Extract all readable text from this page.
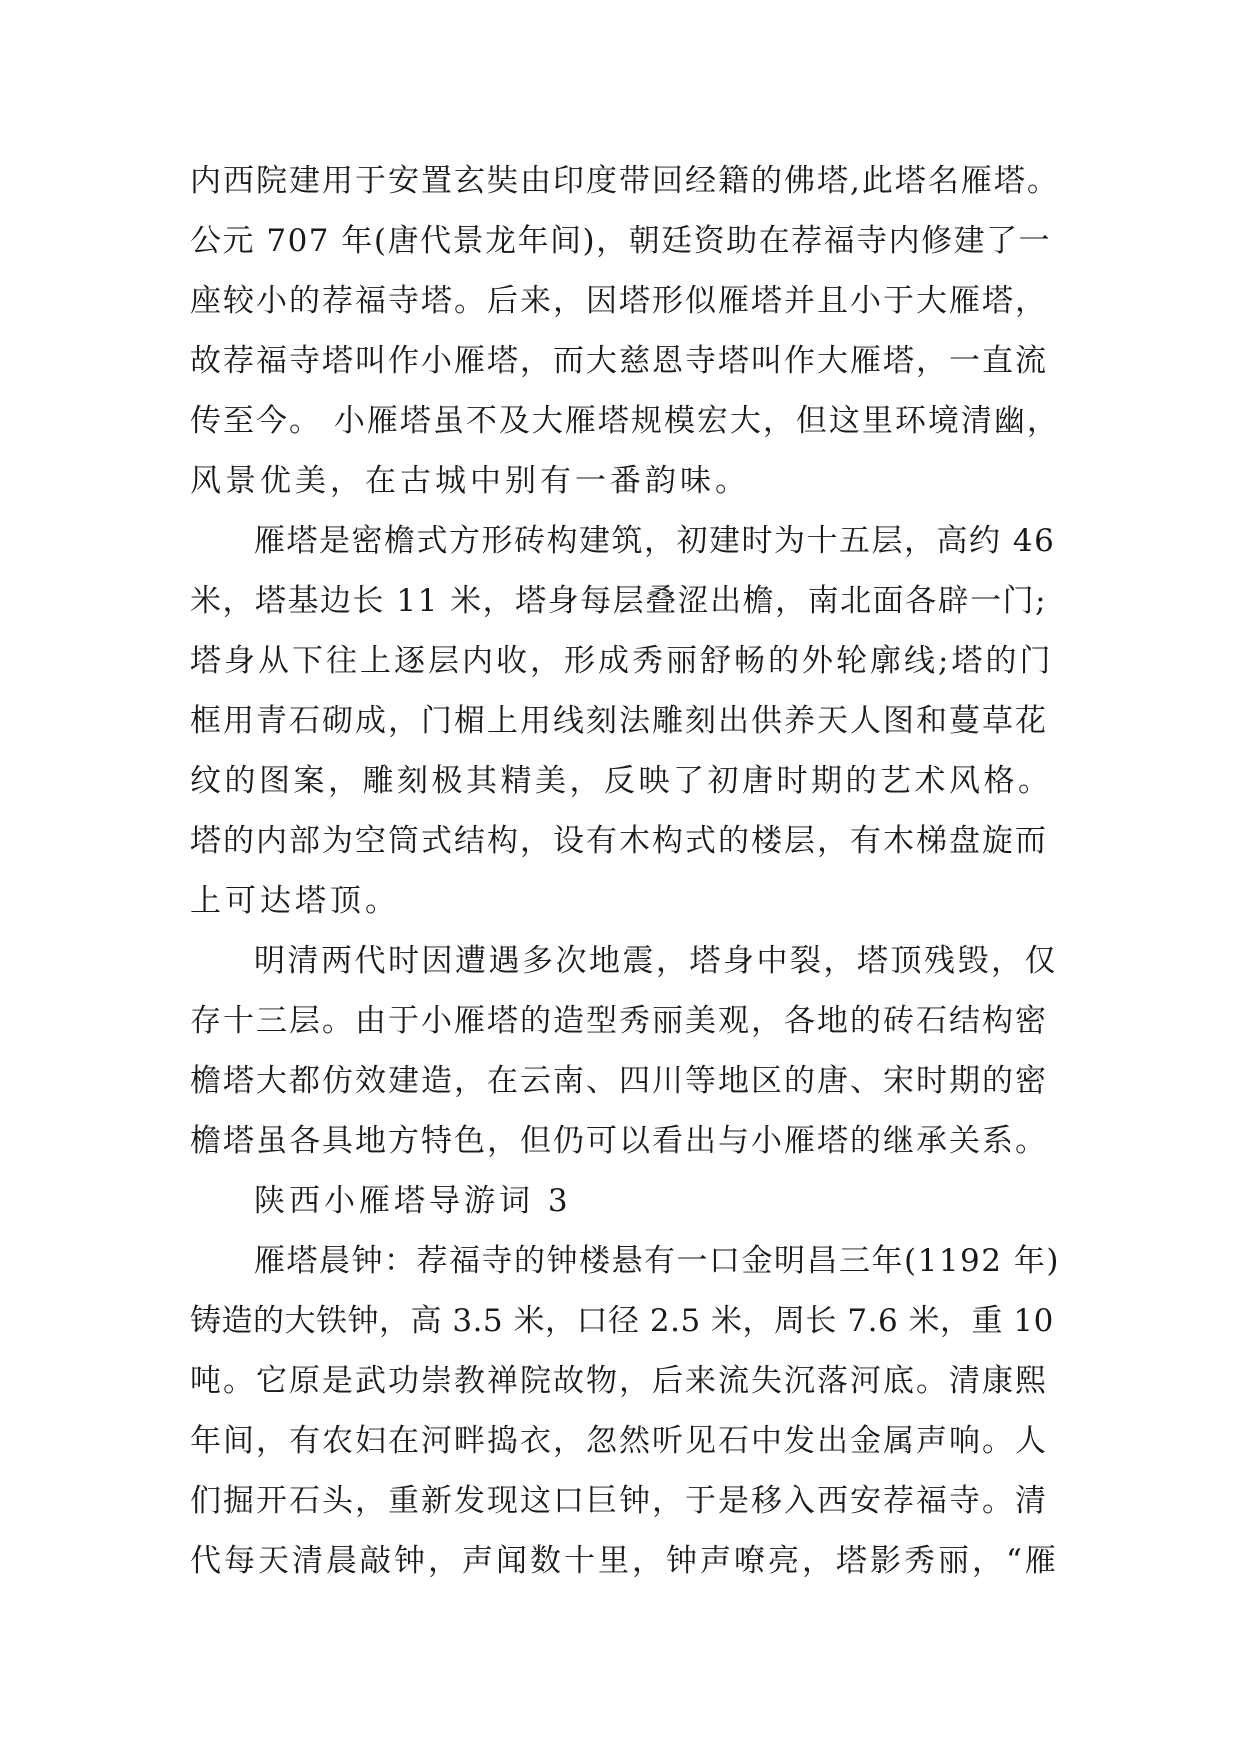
内西院建用于安置玄奘由印度带回经籍的佛塔,此塔名雁塔。
公元 707 年(唐代景龙年间)，朝廷资助在荐福寺内修建了一
座较小的荐福寺塔。后来，因塔形似雁塔并且小于大雁塔，
故荐福寺塔叫作小雁塔，而大慈恩寺塔叫作大雁塔，一直流
传至今。 小雁塔虽不及大雁塔规模宏大，但这里环境清幽，
风景优美，在古城中别有一番韵味。
雁塔是密檐式方形砖构建筑，初建时为十五层，高约 46
米，塔基边长 11 米，塔身每层叠涩出檐，南北面各辟一门;
塔身从下往上逐层内收，形成秀丽舒畅的外轮廓线;塔的门
框用青石砌成，门楣上用线刻法雕刻出供养天人图和蔓草花
纹的图案，雕刻极其精美，反映了初唐时期的艺术风格。
塔的内部为空筒式结构，设有木构式的楼层，有木梯盘旋而
上可达塔顶。
明清两代时因遭遇多次地震，塔身中裂，塔顶残毁，仅
存十三层。由于小雁塔的造型秀丽美观，各地的砖石结构密
檐塔大都仿效建造，在云南、四川等地区的唐、宋时期的密
檐塔虽各具地方特色，但仍可以看出与小雁塔的继承关系。
陕西小雁塔导游词 3
雁塔晨钟：荐福寺的钟楼悬有一口金明昌三年(1192 年)
铸造的大铁钟，高 3.5 米，口径 2.5 米，周长 7.6 米，重 10
吨。它原是武功崇教禅院故物，后来流失沉落河底。清康熙
年间，有农妇在河畔捣衣，忽然听见石中发出金属声响。人
们掘开石头，重新发现这口巨钟，于是移入西安荐福寺。清
代每天清晨敲钟，声闻数十里，钟声嘹亮，塔影秀丽，“雁
